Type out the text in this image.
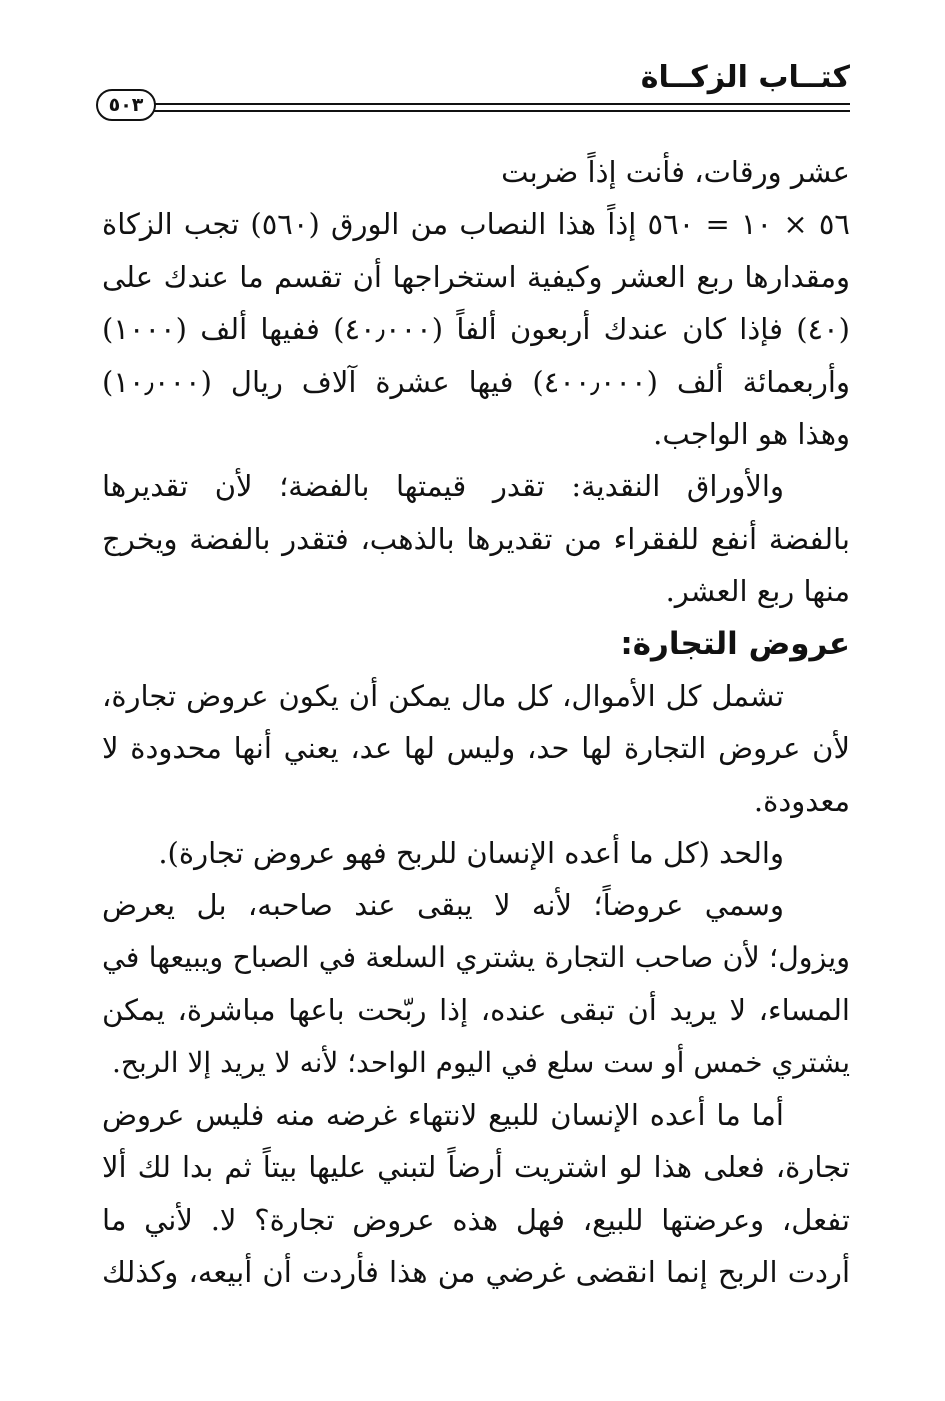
كتــاب الزكــاة
٥٠٣
عشر ورقات، فأنت إذاً ضربت
٥٦ × ١٠ = ٥٦٠ إذاً هذا النصاب من الورق (٥٦٠) تجب الزكاة
ومقدارها ربع العشر وكيفية استخراجها أن تقسم ما عندك على
(٤٠) فإذا كان عندك أربعون ألفاً (٤٠٫٠٠٠) ففيها ألف (١٠٠٠)
وأربعمائة ألف (٤٠٠٫٠٠٠) فيها عشرة آلاف ريال (١٠٫٠٠٠)
وهذا هو الواجب.
والأوراق النقدية: تقدر قيمتها بالفضة؛ لأن تقديرها
بالفضة أنفع للفقراء من تقديرها بالذهب، فتقدر بالفضة ويخرج
منها ربع العشر.
عروض التجارة:
تشمل كل الأموال، كل مال يمكن أن يكون عروض تجارة،
لأن عروض التجارة لها حد، وليس لها عد، يعني أنها محدودة لا
معدودة.
والحد (كل ما أعده الإنسان للربح فهو عروض تجارة).
وسمي عروضاً؛ لأنه لا يبقى عند صاحبه، بل يعرض
ويزول؛ لأن صاحب التجارة يشتري السلعة في الصباح ويبيعها في
المساء، لا يريد أن تبقى عنده، إذا ربّحت باعها مباشرة، يمكن
يشتري خمس أو ست سلع في اليوم الواحد؛ لأنه لا يريد إلا الربح.
أما ما أعده الإنسان للبيع لانتهاء غرضه منه فليس عروض
تجارة، فعلى هذا لو اشتريت أرضاً لتبني عليها بيتاً ثم بدا لك ألا
تفعل، وعرضتها للبيع، فهل هذه عروض تجارة؟ لا. لأني ما
أردت الربح إنما انقضى غرضي من هذا فأردت أن أبيعه، وكذلك
